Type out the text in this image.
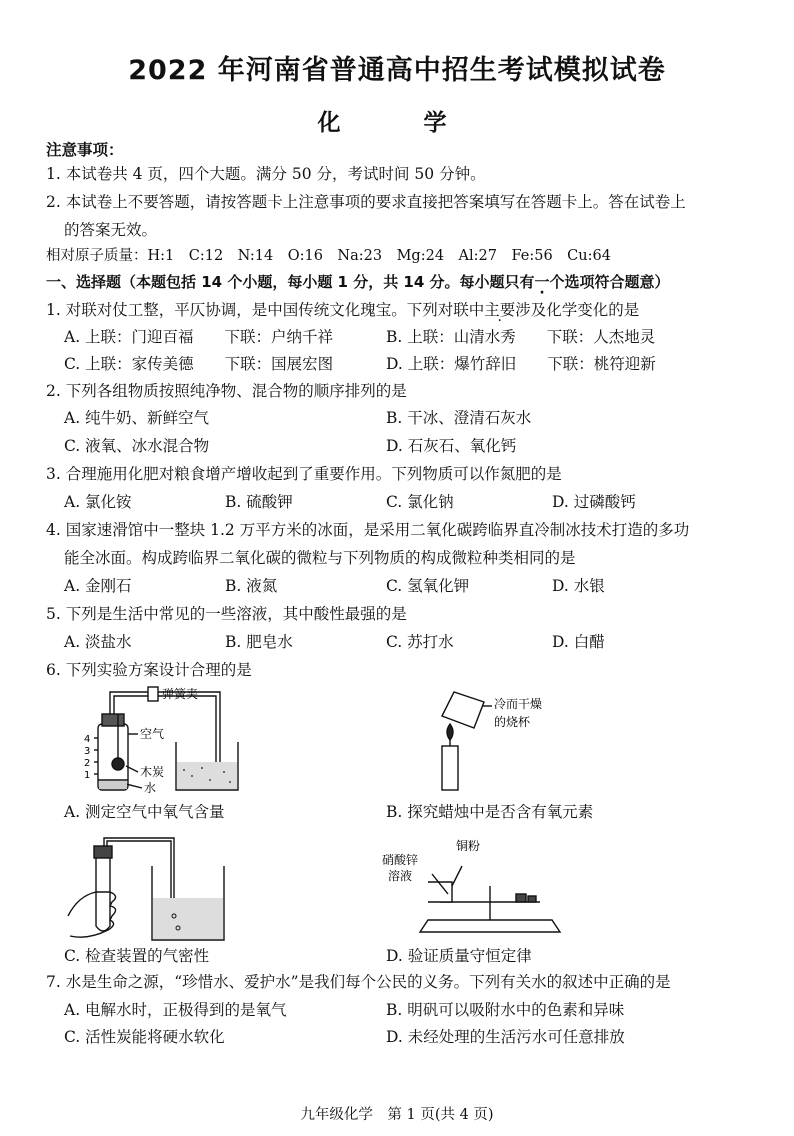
2022 年河南省普通高中招生考试模拟试卷
化　学
注意事项：
1. 本试卷共 4 页，四个大题。满分 50 分，考试时间 50 分钟。
2. 本试卷上不要答题，请按答题卡上注意事项的要求直接把答案填写在答题卡上。答在试卷上
的答案无效。
相对原子质量：H:1　C:12　N:14　O:16　Na:23　Mg:24　Al:27　Fe:56　Cu:64
一、选择题（本题包括 14 个小题，每小题 1 分，共 14 分。每小题只有一个选项符合题意）
1. 对联对仗工整，平仄协调，是中国传统文化瑰宝。下列对联中主要涉及化学变化的是
A. 上联：门迎百福　　下联：户纳千祥	B. 上联：山清水秀　　下联：人杰地灵
C. 上联：家传美德　　下联：国展宏图	D. 上联：爆竹辞旧　　下联：桃符迎新
2. 下列各组物质按照纯净物、混合物的顺序排列的是
A. 纯牛奶、新鲜空气	B. 干冰、澄清石灰水
C. 液氧、冰水混合物	D. 石灰石、氧化钙
3. 合理施用化肥对粮食增产增收起到了重要作用。下列物质可以作氮肥的是
A. 氯化铵	B. 硫酸钾	C. 氯化钠	D. 过磷酸钙
4. 国家速滑馆中一整块 1.2 万平方米的冰面，是采用二氧化碳跨临界直冷制冰技术打造的多功
能全冰面。构成跨临界二氧化碳的微粒与下列物质的构成微粒种类相同的是
A. 金刚石	B. 液氮	C. 氢氧化钾	D. 水银
5. 下列是生活中常见的一些溶液，其中酸性最强的是
A. 淡盐水	B. 肥皂水	C. 苏打水	D. 白醋
6. 下列实验方案设计合理的是
弹簧夹
空气
木炭
水
4
3
2
1
A. 测定空气中氧气含量
冷而干燥
的烧杯
B. 探究蜡烛中是否含有氧元素
C. 检查装置的气密性
硝酸锌
溶液
铜粉
D. 验证质量守恒定律
7. 水是生命之源，“珍惜水、爱护水”是我们每个公民的义务。下列有关水的叙述中正确的是
A. 电解水时，正极得到的是氧气	B. 明矾可以吸附水中的色素和异味
C. 活性炭能将硬水软化	D. 未经处理的生活污水可任意排放
九年级化学　第 1 页(共 4 页)
